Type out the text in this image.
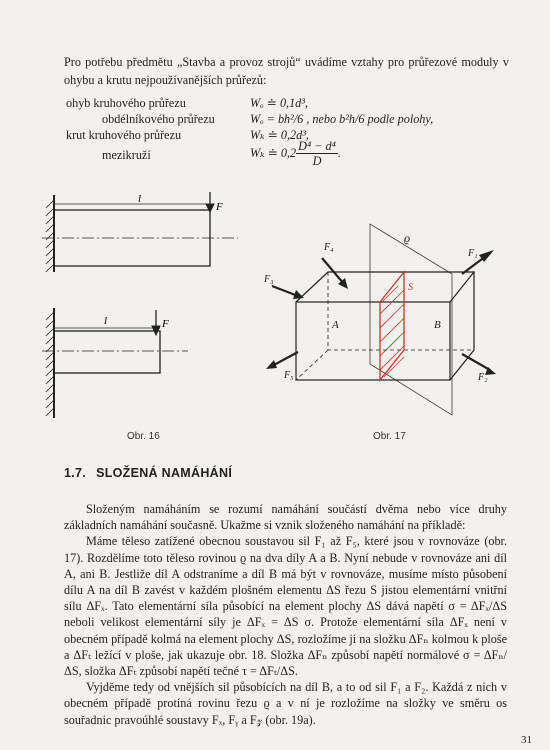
Pro potřebu předmětu „Stavba a provoz strojů“ uvádíme vztahy pro průřezové moduly v ohybu a krutu nejpoužívanějších průřezů:

ohyb kruhového průřezu	Wₒ ≐ 0,1d³,
obdélníkového průřezu	Wₒ = bh²/6 , nebo b²h/6 podle polohy,
krut kruhového průřezu	Wₖ ≐ 0,2d³,
mezikruží	Wₖ ≐ $0,2 \frac{\text{D⁴ − d⁴}}{D}$ .
l
F
l	F
Obr. 16
F₄
F₁
F₃
F₅	F₂
ϱ
S
A	B
Obr. 17
1.7. SLOŽENÁ NAMÁHÁNÍ

Složeným namáháním se rozumí namáhání součástí dvěma nebo více druhy základních namáhání současně. Ukažme si vznik složeného namáhání na příkladě:

Máme těleso zatížené obecnou soustavou sil F₁ až F₅, které jsou v rovnováze (obr. 17). Rozdělíme toto těleso rovinou ϱ na dva díly A a B. Nyní nebude v rovnováze ani díl A, ani B. Jestliže díl A odstraníme a díl B má být v rovnováze, musíme místo působení dílu A na díl B zavést v každém plošném elementu ΔS řezu S jistou elementární vnitřní sílu ΔFₓ. Tato elementární síla působící na element plochy ΔS dává napětí σ = ΔFₓ/ΔS neboli velikost elementární síly je ΔFₓ = ΔS σ. Protože elementární síla ΔFₓ není v obecném případě kolmá na element plochy ΔS, rozložíme ji na složku ΔFₙ kolmou k ploše a ΔFₜ ležící v ploše, jak ukazuje obr. 18. Složka ΔFₙ způsobí napětí normálové σ = ΔFₙ/ΔS, složka ΔFₜ způsobí napětí tečné τ = ΔFₜ/ΔS.

Vyjděme tedy od vnějších sil působících na díl B, a to od sil F₁ a F₂. Každá z nich v obecném případě protíná rovinu řezu ϱ a v ní je rozložíme na složky ve směru os souřadnic pravoúhlé soustavy Fₓ, Fᵧ a F𝓏 (obr. 19a).

31
